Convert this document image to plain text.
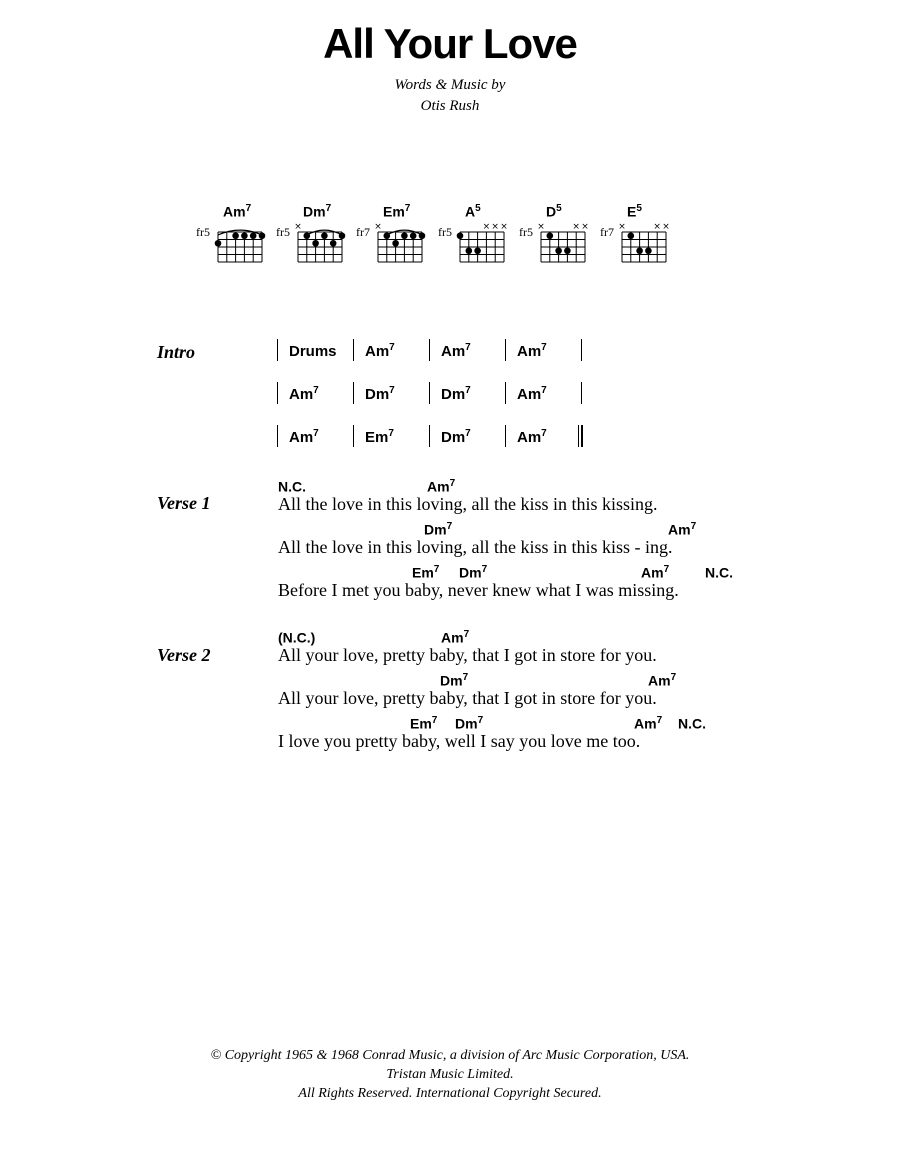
All Your Love
Words & Music by
Otis Rush
Am$^7$
fr5
Dm$^7$
fr5 ×
$Em^7$
fr7 ×
$A^5$
fr5	× × ×
$D^5$
fr5 ×	× ×
$E^5$
fr7 ×	× ×
Intro	Drums Am$^7$	Am$^7$	Am$^7$
Am$^7$	Dm$^7$	Dm$^7$	Am$^7$
Am$^7$	Em$^7$	Dm$^7$	Am$^7$
Verse 1
N.C.	Am$^7$
All the love in this loving, all the kiss in this kissing.
Dm$^7$	Am$^7$
All the love in this loving, all the kiss in this kiss - ing.
Em$^7$ Dm$^7$	Am$^7$	N.C.
Before I met you baby, never knew what I was missing.
Verse 2
(N.C.)	Am$^7$
All your love, pretty baby, that I got in store for you.
Dm$^7$	Am$^7$
All your love, pretty baby, that I got in store for you.
Em$^7$ Dm$^7$	Am$^7$ N.C.
I love you pretty baby, well I say you love me too.
© Copyright 1965 & 1968 Conrad Music, a division of Arc Music Corporation, USA.
Tristan Music Limited.
All Rights Reserved. International Copyright Secured.
